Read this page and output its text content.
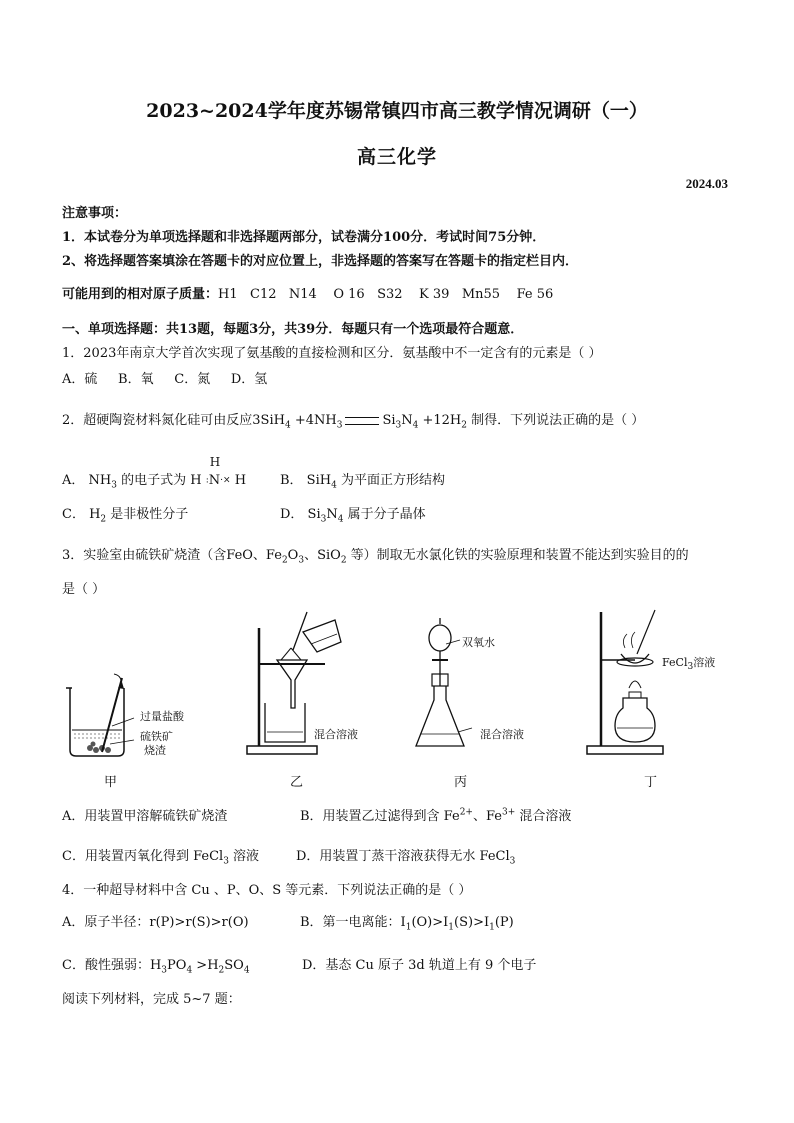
2023~2024学年度苏锡常镇四市高三教学情况调研（一）
高三化学
2024.03
注意事项：
1．本试卷分为单项选择题和非选择题两部分，试卷满分100分．考试时间75分钟．
2、将选择题答案填涂在答题卡的对应位置上，非选择题的答案写在答题卡的指定栏目内．
可能用到的相对原子质量：H1   C12   N14    O 16   S32    K 39   Mn55    Fe 56
一、单项选择题：共13题，每题3分，共39分．每题只有一个选项最符合题意．
1．2023年南京大学首次实现了氨基酸的直接检测和区分．氨基酸中不一定含有的元素是（ ）
A．硫     B．氧     C．氮     D．氢
2．超硬陶瓷材料氮化硅可由反应$3SiH_4 +4NH_3$	$Si_3N_4 +12H_2$ 制得．下列说法正确的是（ ）
A． $NH_3$ 的电子式为 H
H
:N·× H	B． SiH$_4$ 为平面正方形结构
C． $H_2$ 是非极性分子	D． $Si_3N_4$ 属于分子晶体
3．实验室由硫铁矿烧渣（含FeO、$Fe_2O_3$、SiO$_2$ 等）制取无水氯化铁的实验原理和装置不能达到实验目的的
是（ ）
过量盐酸
硫铁矿
烧渣
混合溶液
双氧水
混合溶液
FeCl$_3$溶液
甲	乙	丙	丁
A．用装置甲溶解硫铁矿烧渣	B．用装置乙过滤得到含 $Fe^{2+}$、$Fe^{3+}$ 混合溶液
C．用装置丙氧化得到 FeCl$_3$ 溶液	D．用装置丁蒸干溶液获得无水 FeCl$_3$
4．一种超导材料中含 Cu 、P、O、S 等元素．下列说法正确的是（ ）
A．原子半径：r(P)>r(S)>r(O)	B．第一电离能：$I_1(O)>I_1(S)>I_1(P)$
C．酸性强弱：$H_3PO_4 >H_2SO_4$	D．基态 Cu 原子 3d 轨道上有 9 个电子
阅读下列材料，完成 5~7 题：
